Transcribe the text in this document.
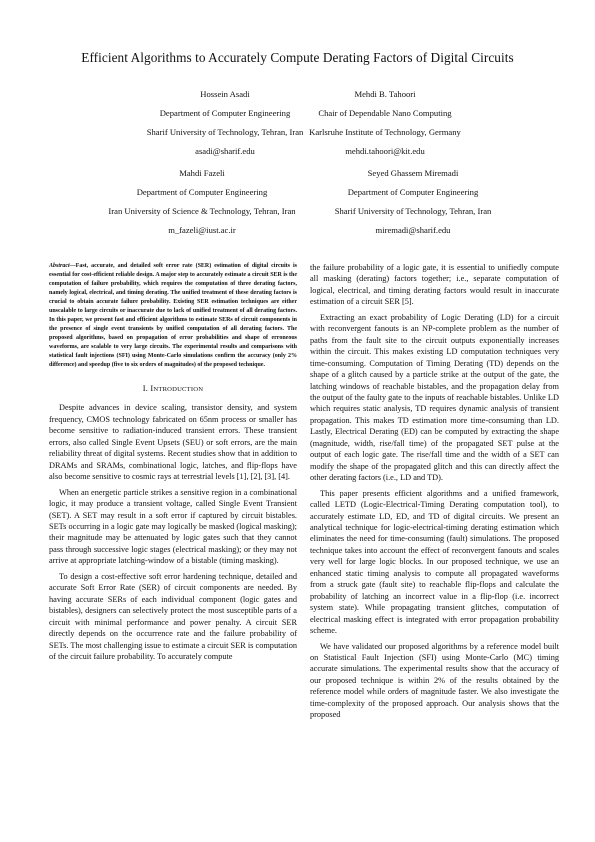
Efficient Algorithms to Accurately Compute Derating Factors of Digital Circuits
Hossein Asadi
Department of Computer Engineering
Sharif University of Technology, Tehran, Iran
asadi@sharif.edu
Mehdi B. Tahoori
Chair of Dependable Nano Computing
Karlsruhe Institute of Technology, Germany
mehdi.tahoori@kit.edu
Mahdi Fazeli
Department of Computer Engineering
Iran University of Science & Technology, Tehran, Iran
m_fazeli@iust.ac.ir
Seyed Ghassem Miremadi
Department of Computer Engineering
Sharif University of Technology, Tehran, Iran
miremadi@sharif.edu
Abstract—Fast, accurate, and detailed soft error rate (SER) estimation of digital circuits is essential for cost-efficient reliable design. A major step to accurately estimate a circuit SER is the computation of failure probability, which requires the computation of three derating factors, namely logical, electrical, and timing derating. The unified treatment of these derating factors is crucial to obtain accurate failure probability. Existing SER estimation techniques are either unscalable to large circuits or inaccurate due to lack of unified treatment of all derating factors. In this paper, we present fast and efficient algorithms to estimate SERs of circuit components in the presence of single event transients by unified computation of all derating factors. The proposed algorithms, based on propagation of error probabilities and shape of erroneous waveforms, are scalable to very large circuits. The experimental results and comparisons with statistical fault injections (SFI) using Monte-Carlo simulations confirm the accuracy (only 2% difference) and speedup (five to six orders of magnitudes) of the proposed technique.
I. INTRODUCTION

Despite advances in device scaling, transistor density, and system frequency, CMOS technology fabricated on 65nm process or smaller has become sensitive to radiation-induced transient errors. These transient errors, also called Single Event Upsets (SEU) or soft errors, are the main reliability threat of digital systems. Recent studies show that in addition to DRAMs and SRAMs, combinational logic, latches, and flip-flops have also become sensitive to cosmic rays at terrestrial levels [1], [2], [3], [4].

When an energetic particle strikes a sensitive region in a combinational logic, it may produce a transient voltage, called Single Event Transient (SET). A SET may result in a soft error if captured by circuit bistables. SETs occurring in a logic gate may logically be masked (logical masking); their magnitude may be attenuated by logic gates such that they cannot pass through successive logic stages (electrical masking); or they may not arrive at appropriate latching-window of a bistable (timing masking).

To design a cost-effective soft error hardening technique, detailed and accurate Soft Error Rate (SER) of circuit components are needed. By having accurate SERs of each individual component (logic gates and bistables), designers can selectively protect the most susceptible parts of a circuit with minimal performance and power penalty. A circuit SER directly depends on the occurrence rate and the failure probability of SETs. The most challenging issue to estimate a circuit SER is computation of the circuit failure probability. To accurately compute

the failure probability of a logic gate, it is essential to unifiedly compute all masking (derating) factors together; i.e., separate computation of logical, electrical, and timing derating factors would result in inaccurate estimation of a circuit SER [5].

Extracting an exact probability of Logic Derating (LD) for a circuit with reconvergent fanouts is an NP-complete problem as the number of paths from the fault site to the circuit outputs exponentially increases within the circuit. This makes existing LD computation techniques very time-consuming. Computation of Timing Derating (TD) depends on the shape of a glitch caused by a particle strike at the output of the gate, the latching windows of reachable bistables, and the propagation delay from the output of the faulty gate to the inputs of reachable bistables. Unlike LD which requires static analysis, TD requires dynamic analysis of transient propagation. This makes TD estimation more time-consuming than LD. Lastly, Electrical Derating (ED) can be computed by extracting the shape (magnitude, width, rise/fall time) of the propagated SET pulse at the output of each logic gate. The rise/fall time and the width of a SET can modify the shape of the propagated glitch and this can directly affect the other derating factors (i.e., LD and TD).

This paper presents efficient algorithms and a unified framework, called LETD (Logic-Electrical-Timing Derating computation tool), to accurately estimate LD, ED, and TD of digital circuits. We present an analytical technique for logic-electrical-timing derating estimation which eliminates the need for time-consuming (fault) simulations. The proposed technique takes into account the effect of reconvergent fanouts and scales very well for large logic blocks. In our proposed technique, we use an enhanced static timing analysis to compute all propagated waveforms from a struck gate (fault site) to reachable flip-flops and calculate the probability of latching an incorrect value in a flip-flop (i.e. incorrect system state). While propagating transient glitches, computation of electrical masking effect is integrated with error propagation probability scheme.

We have validated our proposed algorithms by a reference model built on Statistical Fault Injection (SFI) using Monte-Carlo (MC) timing accurate simulations. The experimental results show that the accuracy of our proposed technique is within 2% of the results obtained by the reference model while orders of magnitude faster. We also investigate the time-complexity of the proposed approach. Our analysis shows that the proposed
